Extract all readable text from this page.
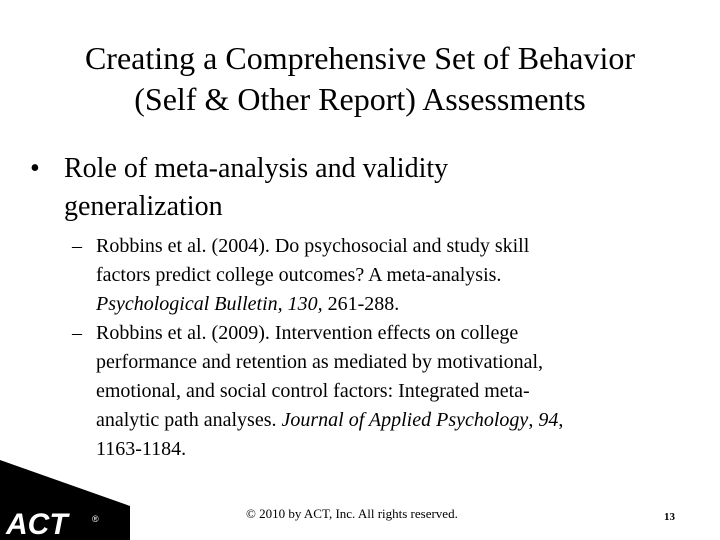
Creating a Comprehensive Set of Behavior
(Self & Other Report) Assessments
• Role of meta-analysis and validity
generalization
– Robbins et al. (2004). Do psychosocial and study skill
factors predict college outcomes? A meta-analysis.
Psychological Bulletin, 130, 261-288.
– Robbins et al. (2009). Intervention effects on college
performance and retention as mediated by motivational,
emotional, and social control factors: Integrated meta-
analytic path analyses. Journal of Applied Psychology, 94,
1163-1184.
ACT	®	© 2010 by ACT, Inc. All rights reserved.	13
